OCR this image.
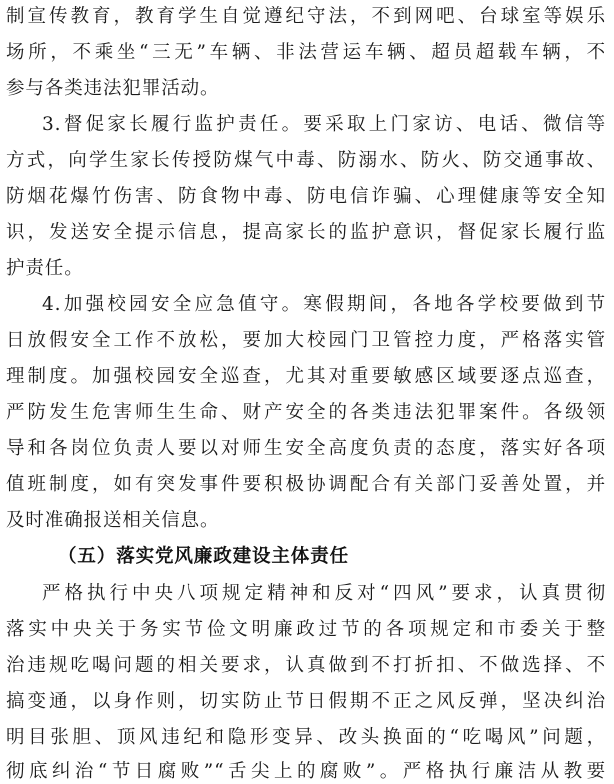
制宣传教育，教育学生自觉遵纪守法，不到网吧、台球室等娱乐
场所，不乘坐“三无”车辆、非法营运车辆、超员超载车辆，不
参与各类违法犯罪活动。
3.督促家长履行监护责任。要采取上门家访、电话、微信等
方式，向学生家长传授防煤气中毒、防溺水、防火、防交通事故、
防烟花爆竹伤害、防食物中毒、防电信诈骗、心理健康等安全知
识，发送安全提示信息，提高家长的监护意识，督促家长履行监
护责任。
4.加强校园安全应急值守。寒假期间，各地各学校要做到节
日放假安全工作不放松，要加大校园门卫管控力度，严格落实管
理制度。加强校园安全巡查，尤其对重要敏感区域要逐点巡查，
严防发生危害师生生命、财产安全的各类违法犯罪案件。各级领
导和各岗位负责人要以对师生安全高度负责的态度，落实好各项
值班制度，如有突发事件要积极协调配合有关部门妥善处置，并
及时准确报送相关信息。
（五）落实党风廉政建设主体责任
严格执行中央八项规定精神和反对“四风”要求，认真贯彻
落实中央关于务实节俭文明廉政过节的各项规定和市委关于整
治违规吃喝问题的相关要求，认真做到不打折扣、不做选择、不
搞变通，以身作则，切实防止节日假期不正之风反弹，坚决纠治
明目张胆、顶风违纪和隐形变异、改头换面的“吃喝风”问题，
彻底纠治“节日腐败”“舌尖上的腐败”。严格执行廉洁从教要
